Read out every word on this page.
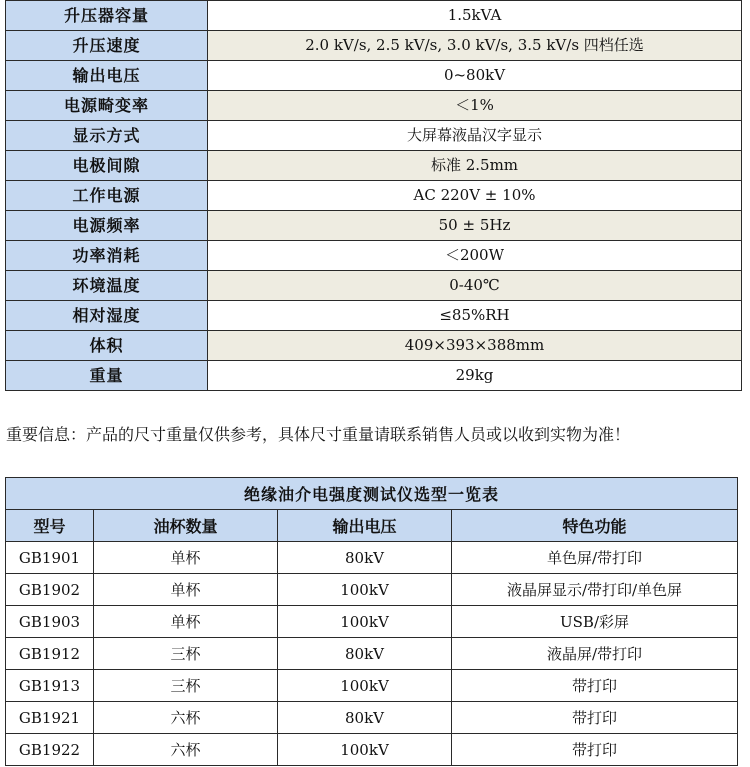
升压器容量	1.5kVA
升压速度	2.0 kV/s, 2.5 kV/s, 3.0 kV/s, 3.5 kV/s 四档任选
输出电压	0~80kV
电源畸变率	＜1%
显示方式	大屏幕液晶汉字显示
电极间隙	标准 2.5mm
工作电源	AC 220V ± 10%
电源频率	50 ± 5Hz
功率消耗	＜200W
环境温度	0-40℃
相对湿度	≤85%RH
体积	409×393×388mm
重量	29kg
重要信息：产品的尺寸重量仅供参考，具体尺寸重量请联系销售人员或以收到实物为准！
绝缘油介电强度测试仪选型一览表			
型号	油杯数量	输出电压	特色功能
GB1901	单杯	80kV	单色屏/带打印
GB1902	单杯	100kV	液晶屏显示/带打印/单色屏
GB1903	单杯	100kV	USB/彩屏
GB1912	三杯	80kV	液晶屏/带打印
GB1913	三杯	100kV	带打印
GB1921	六杯	80kV	带打印
GB1922	六杯	100kV	带打印
